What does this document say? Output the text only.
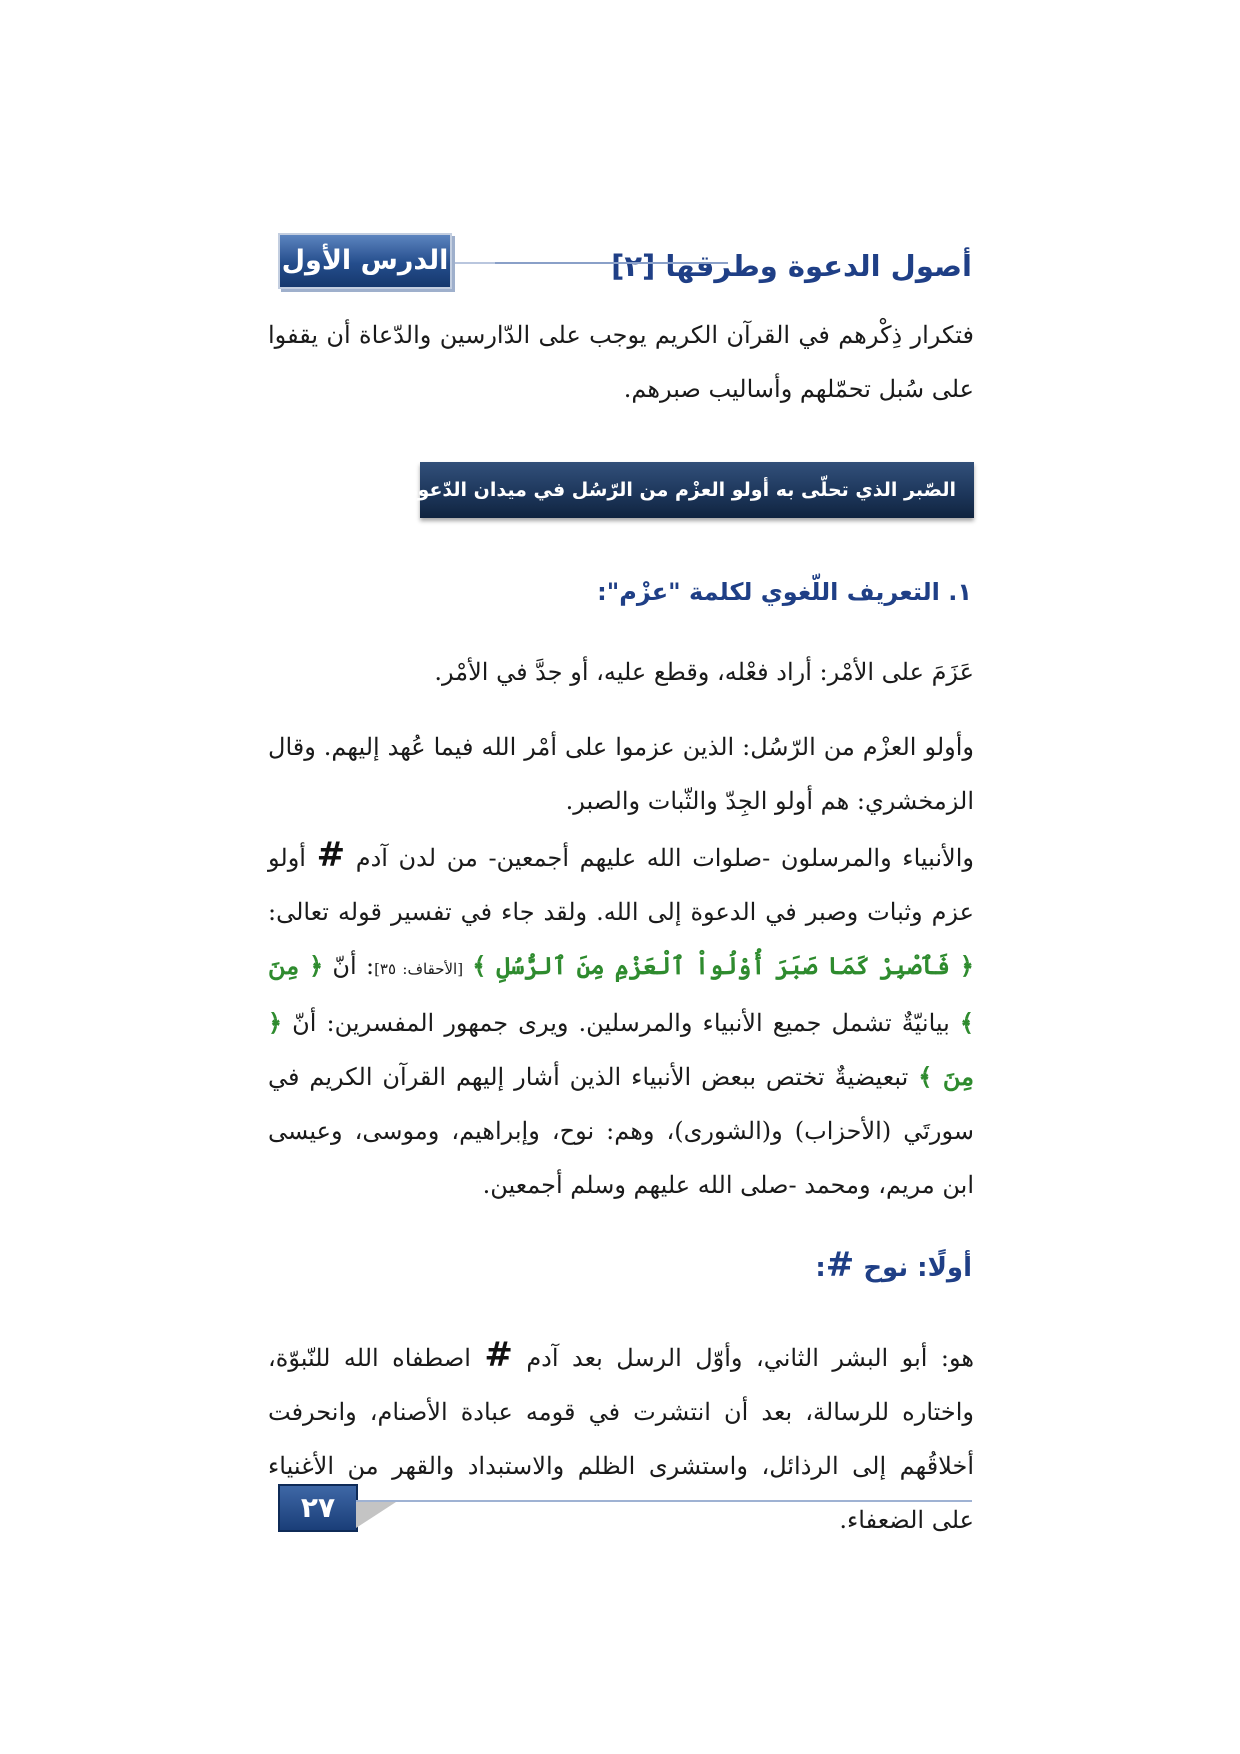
أصول الدعوة وطرقها [٢]
الدرس الأول
فتكرار ذِكْرهم في القرآن الكريم يوجب على الدّارسين والدّعاة أن يقفوا على سُبل تحمّلهم وأساليب صبرهم.
الصّبر الذي تحلّى به أولو العزْم من الرّسُل في ميدان الدّعوة إلى الله
١. التعريف اللّغوي لكلمة "عزْم":
عَزَمَ على الأمْر: أراد فعْله، وقطع عليه، أو جدَّ في الأمْر.
وأولو العزْم من الرّسُل: الذين عزموا على أمْر الله فيما عُهد إليهم. وقال الزمخشري: هم أولو الجِدّ والثّبات والصبر.
والأنبياء والمرسلون -صلوات الله عليهم أجمعين- من لدن آدم # أولو عزم وثبات وصبر في الدعوة إلى الله. ولقد جاء في تفسير قوله تعالى: ﴿ فَٱصْبِرْ كَمَا صَبَرَ أُوْلُواْ ٱلْعَزْمِ مِنَ ٱلرُّسُلِ ﴾ [الأحقاف: ٣٥]: أنّ ﴿ مِنَ ﴾ بيانيّةٌ تشمل جميع الأنبياء والمرسلين. ويرى جمهور المفسرين: أنّ ﴿ مِنَ ﴾ تبعيضيةٌ تختص ببعض الأنبياء الذين أشار إليهم القرآن الكريم في سورتَي (الأحزاب) و(الشورى)، وهم: نوح، وإبراهيم، وموسى، وعيسى ابن مريم، ومحمد -صلى الله عليهم وسلم أجمعين.
أولًا: نوح #:
هو: أبو البشر الثاني، وأوّل الرسل بعد آدم # اصطفاه الله للنّبوّة، واختاره للرسالة، بعد أن انتشرت في قومه عبادة الأصنام، وانحرفت أخلاقُهم إلى الرذائل، واستشرى الظلم والاستبداد والقهر من الأغنياء على الضعفاء.
٢٧
